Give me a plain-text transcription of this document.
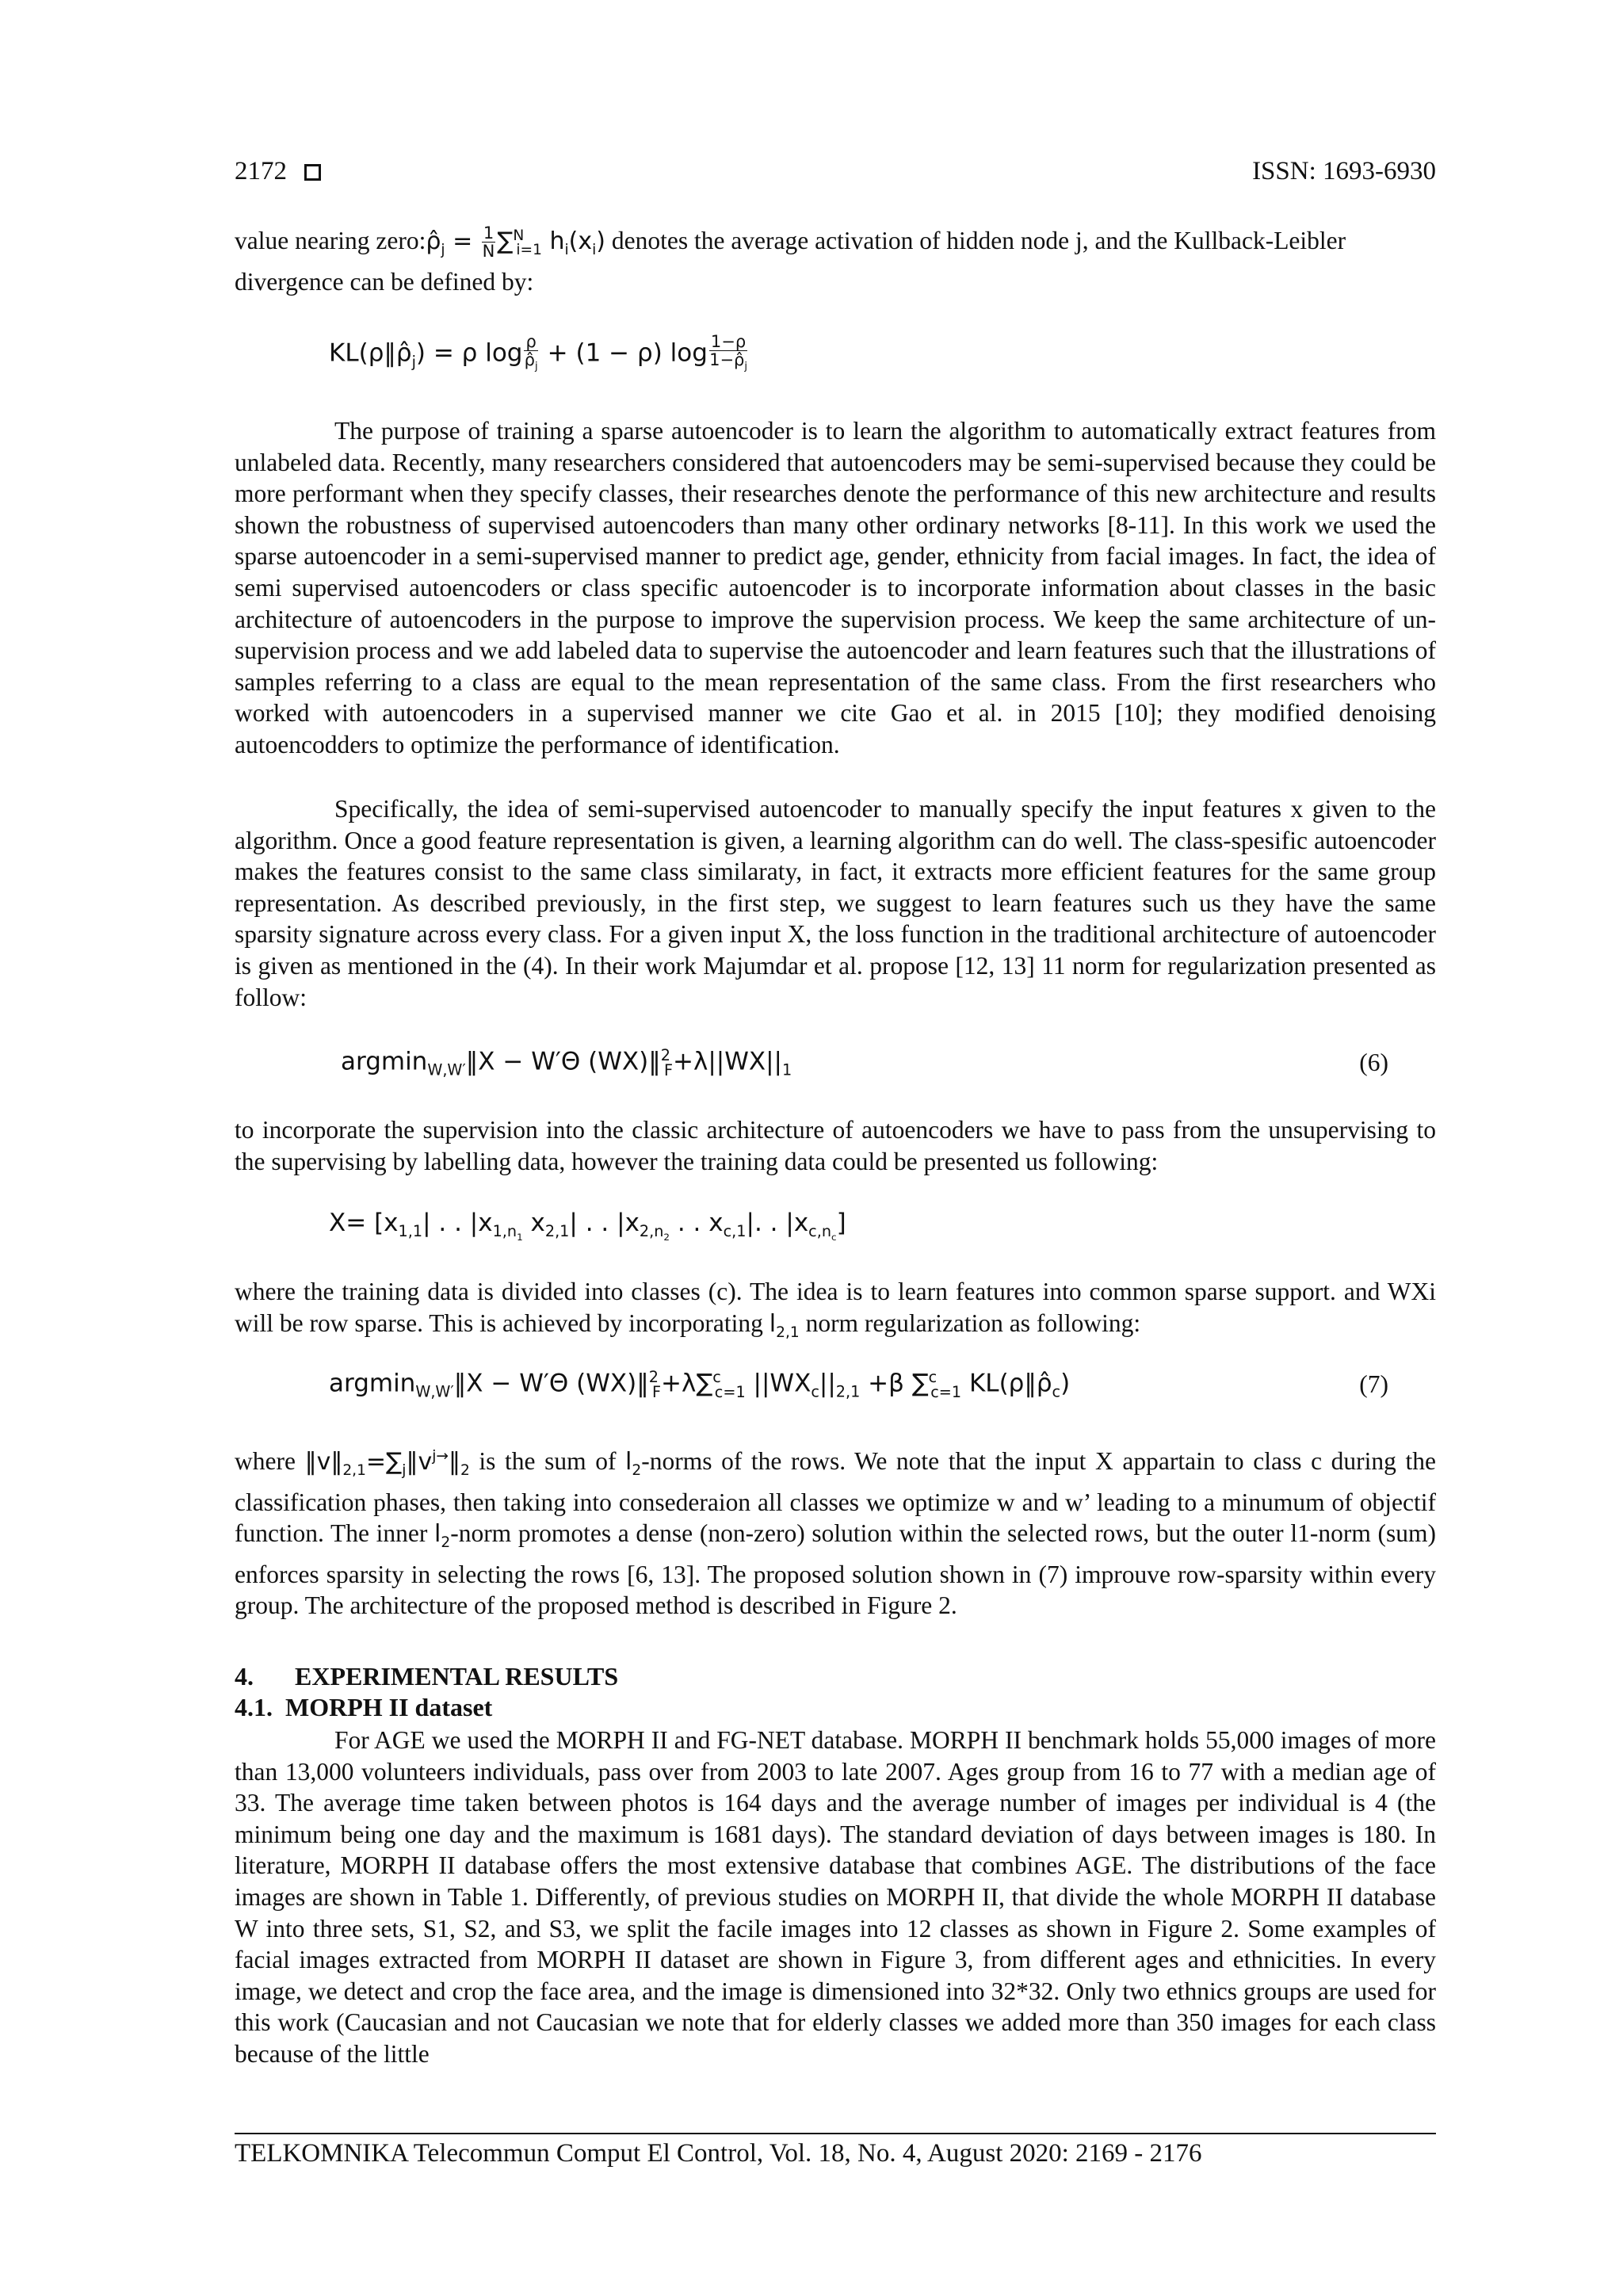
2172	ISSN: 1693-6930

value nearing $zero:\rhô_j = \frac{1}{N} \sum^N_{i=1}$ $h_i(x_i)$ denotes the average activation of hidden node j, and the Kullback-Leibler
divergence can be defined by:

$KL(\rho‖\rhô_j) = \rho$ $\log \frac{\rho}{\rhô_j} + (1 - \rho)$ $\log \frac{1-\rho}{1-\rhô_j}$

The purpose of training a sparse autoencoder is to learn the algorithm to automatically extract features from unlabeled data. Recently, many researchers considered that autoencoders may be semi-supervised because they could be more performant when they specify classes, their researches denote the performance of this new architecture and results shown the robustness of supervised autoencoders than many other ordinary networks [8-11]. In this work we used the sparse autoencoder in a semi-supervised manner to predict age, gender, ethnicity from facial images. In fact, the idea of semi supervised autoencoders or class specific autoencoder is to incorporate information about classes in the basic architecture of autoencoders in the purpose to improve the supervision process. We keep the same architecture of un-supervision process and we add labeled data to supervise the autoencoder and learn features such that the illustrations of samples referring to a class are equal to the mean representation of the same class. From the first researchers who worked with autoencoders in a supervised manner we cite Gao et al. in 2015 [10]; they modified denoising autoencodders to optimize the performance of identification.

Specifically, the idea of semi-supervised autoencoder to manually specify the input features x given to the algorithm. Once a good feature representation is given, a learning algorithm can do well. The class-spesific autoencoder makes the features consist to the same class similaraty, in fact, it extracts more efficient features for the same group representation. As described previously, in the first step, we suggest to learn features such us they have the same sparsity signature across every class. For a given input X, the loss function in the traditional architecture of autoencoder is given as mentioned in the (4). In their work Majumdar et al. propose [12, 13] 11 norm for regularization presented as follow:

argmin$_{W,W'}$‖X − W′Θ $(WX)‖^2_F+\lambda||WX||_1$	(6)

to incorporate the supervision into the classic architecture of autoencoders we have to pass from the unsupervising to the supervising by labelling data, however the training data could be presented us following:

$X= [x_{1,1}|$ . . $|x_{1,n_1}$ $x_{2,1}|$ . . $|x_{2,n_2}$ . . $x_{c,1}|$. . $|x_{c,n_c}$]

where the training data is divided into classes (c). The idea is to learn features into common sparse support. and WXi will be row sparse. This is achieved by incorporating $l_{2,1}$ norm regularization as following:

argmin$_{W,W'}$‖X − W′Θ (WX)‖$^2_F$+λ∑$^c_{c=1}$ $||WX_c||_{2,1} +\beta$ ∑$^c_{c=1}$ $KL(\rho‖\rhô_c)$	(7)

where $‖v‖_{2,1}=\sum_j‖v^{j\to}‖_2$ is the sum of $l_2$-norms of the rows. We note that the input X appartain to class c during the classification phases, then taking into consederaion all classes we optimize w and w’ leading to a minumum of objectif function. The inner $l_2$-norm promotes a dense (non-zero) solution within the selected rows, but the outer l1-norm (sum) enforces sparsity in selecting the rows [6, 13]. The proposed solution shown in (7) improuve row-sparsity within every group. The architecture of the proposed method is described in Figure 2.

4. EXPERIMENTAL RESULTS
4.1. MORPH II dataset

For AGE we used the MORPH II and FG-NET database. MORPH II benchmark holds 55,000 images of more than 13,000 volunteers individuals, pass over from 2003 to late 2007. Ages group from 16 to 77 with a median age of 33. The average time taken between photos is 164 days and the average number of images per individual is 4 (the minimum being one day and the maximum is 1681 days). The standard deviation of days between images is 180. In literature, MORPH II database offers the most extensive database that combines AGE. The distributions of the face images are shown in Table 1. Differently, of previous studies on MORPH II, that divide the whole MORPH II database W into three sets, S1, S2, and S3, we split the facile images into 12 classes as shown in Figure 2. Some examples of facial images extracted from MORPH II dataset are shown in Figure 3, from different ages and ethnicities. In every image, we detect and crop the face area, and the image is dimensioned into 32*32. Only two ethnics groups are used for this work (Caucasian and not Caucasian we note that for elderly classes we added more than 350 images for each class because of the little

TELKOMNIKA Telecommun Comput El Control, Vol. 18, No. 4, August 2020: 2169 - 2176
